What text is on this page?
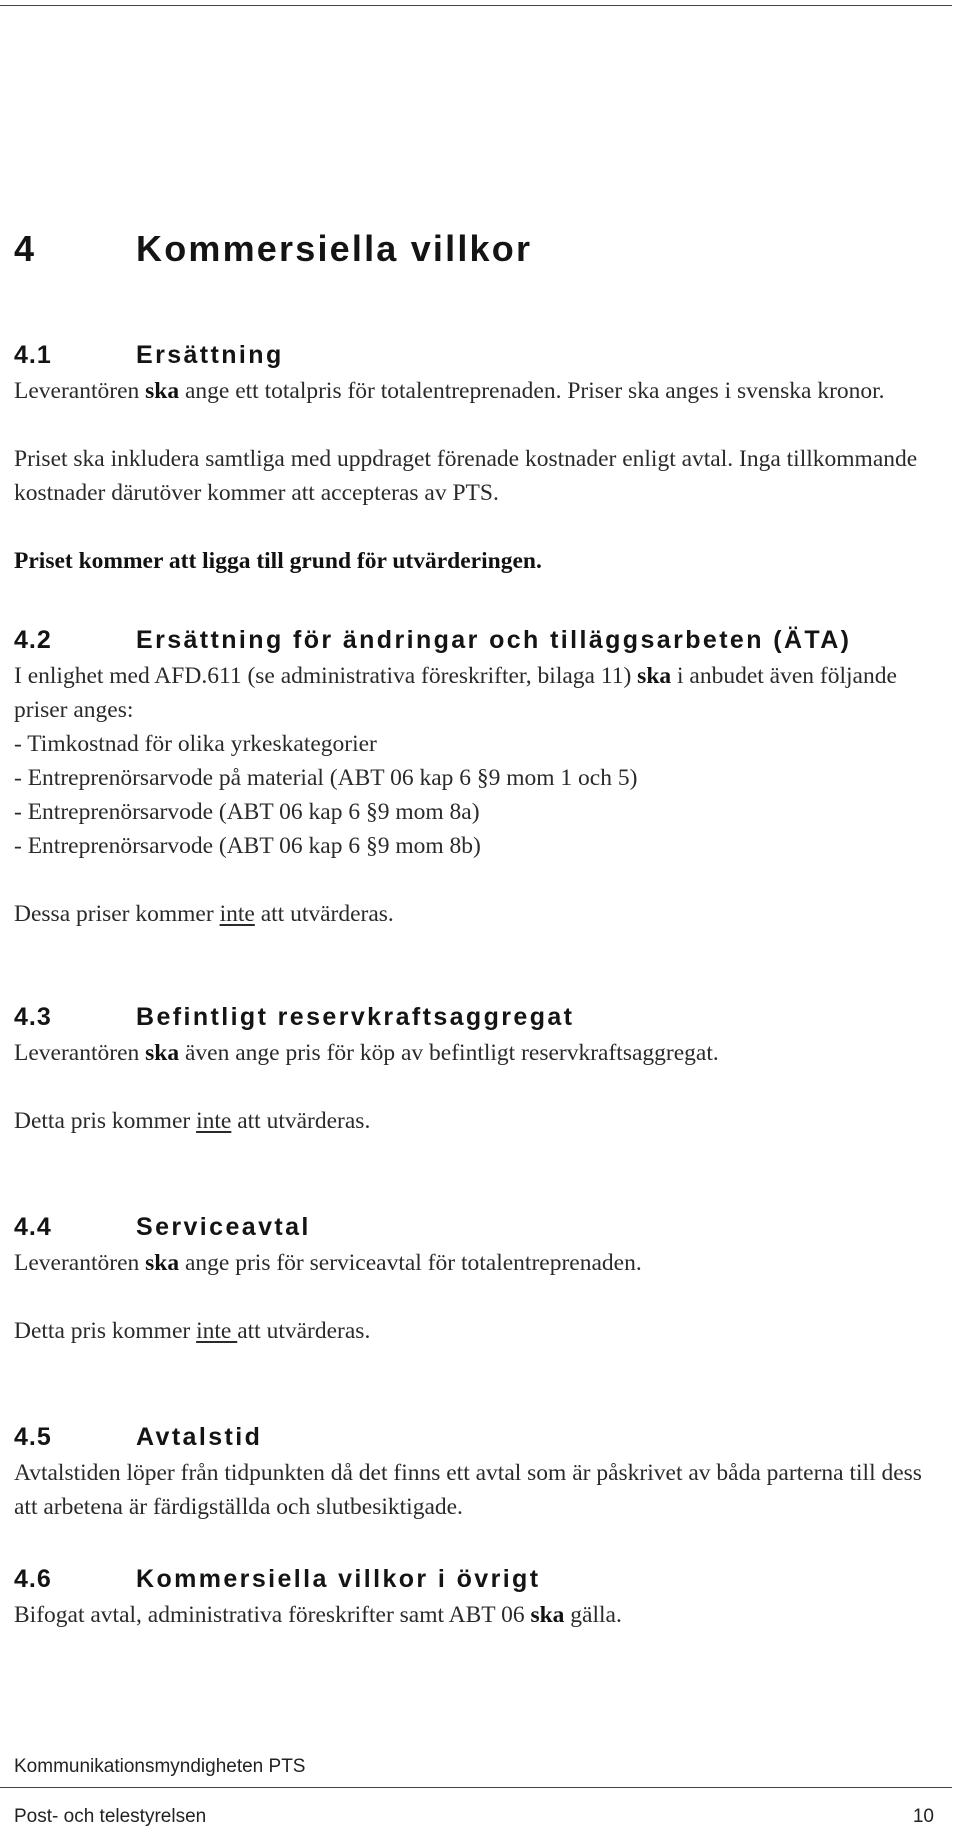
4	Kommersiella villkor
4.1	Ersättning

Leverantören ska ange ett totalpris för totalentreprenaden. Priser ska anges i svenska kronor.

Priset ska inkludera samtliga med uppdraget förenade kostnader enligt avtal. Inga tillkommande kostnader därutöver kommer att accepteras av PTS.

Priset kommer att ligga till grund för utvärderingen.

4.2	Ersättning för ändringar och tilläggsarbeten (ÄTA)

I enlighet med AFD.611 (se administrativa föreskrifter, bilaga 11) ska i anbudet även följande priser anges:

- Timkostnad för olika yrkeskategorier

- Entreprenörsarvode på material (ABT 06 kap 6 §9 mom 1 och 5)

- Entreprenörsarvode (ABT 06 kap 6 §9 mom 8a)

- Entreprenörsarvode (ABT 06 kap 6 §9 mom 8b)

Dessa priser kommer inte att utvärderas.

4.3	Befintligt reservkraftsaggregat

Leverantören ska även ange pris för köp av befintligt reservkraftsaggregat.

Detta pris kommer inte att utvärderas.

4.4	Serviceavtal

Leverantören ska ange pris för serviceavtal för totalentreprenaden.

Detta pris kommer inte att utvärderas.

4.5	Avtalstid

Avtalstiden löper från tidpunkten då det finns ett avtal som är påskrivet av båda parterna till dess att arbetena är färdigställda och slutbesiktigade.

4.6	Kommersiella villkor i övrigt

Bifogat avtal, administrativa föreskrifter samt ABT 06 ska gälla.

Kommunikationsmyndigheten PTS
Post- och telestyrelsen	10
